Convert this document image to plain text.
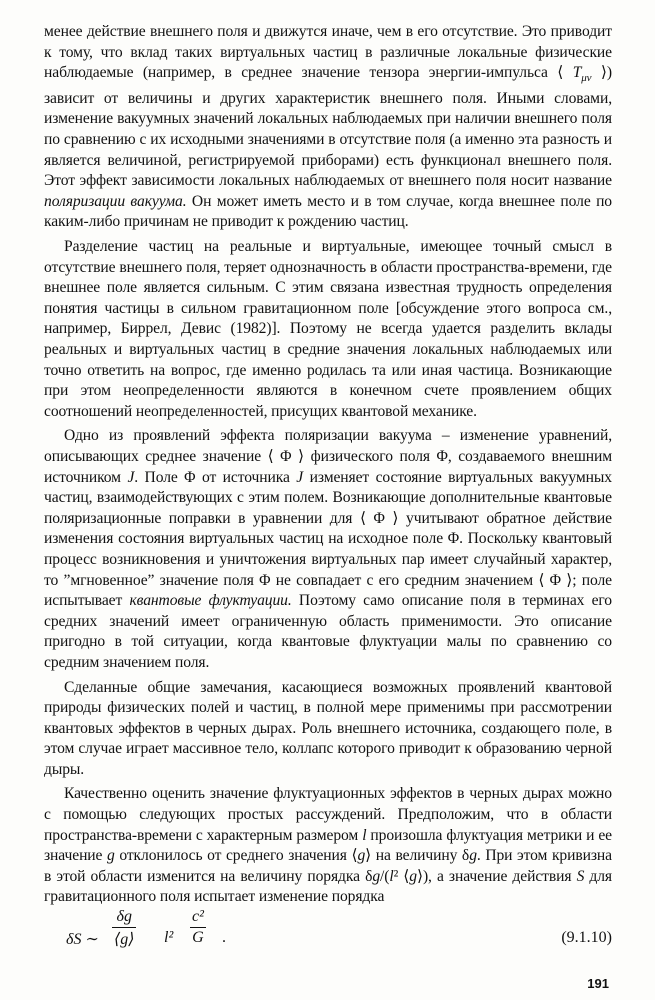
менее действие внешнего поля и движутся иначе, чем в его отсутствие. Это приводит к тому, что вклад таких виртуальных частиц в различные локальные физические наблюдаемые (например, в среднее значение тензора энергии-импульса ⟨ $T_{\mu\nu}$ ⟩) зависит от величины и других характеристик внешнего поля. Иными словами, изменение вакуумных значений локальных наблюдаемых при наличии внешнего поля по сравнению с их исходными значениями в отсутствие поля (а именно эта разность и является величиной, регистрируемой приборами) есть функционал внешнего поля. Этот эффект зависимости локальных наблюдаемых от внешнего поля носит название поляризации вакуума. Он может иметь место и в том случае, когда внешнее поле по каким-либо причинам не приводит к рождению частиц.

Разделение частиц на реальные и виртуальные, имеющее точный смысл в отсутствие внешнего поля, теряет однозначность в области пространства-времени, где внешнее поле является сильным. С этим связана известная трудность определения понятия частицы в сильном гравитационном поле [обсуждение этого вопроса см., например, Биррел, Девис (1982)]. Поэтому не всегда удается разделить вклады реальных и виртуальных частиц в средние значения локальных наблюдаемых или точно ответить на вопрос, где именно родилась та или иная частица. Возникающие при этом неопределенности являются в конечном счете проявлением общих соотношений неопределенностей, присущих квантовой механике.

Одно из проявлений эффекта поляризации вакуума – изменение уравнений, описывающих среднее значение ⟨ Φ ⟩ физического поля Φ, создаваемого внешним источником J. Поле Φ от источника J изменяет состояние виртуальных вакуумных частиц, взаимодействующих с этим полем. Возникающие дополнительные квантовые поляризационные поправки в уравнении для ⟨ Φ ⟩ учитывают обратное действие изменения состояния виртуальных частиц на исходное поле Φ. Поскольку квантовый процесс возникновения и уничтожения виртуальных пар имеет случайный характер, то ”мгновенное” значение поля Φ не совпадает с его средним значением ⟨ Φ ⟩; поле испытывает квантовые флуктуации. Поэтому само описание поля в терминах его средних значений имеет ограниченную область применимости. Это описание пригодно в той ситуации, когда квантовые флуктуации малы по сравнению со средним значением поля.

Сделанные общие замечания, касающиеся возможных проявлений квантовой природы физических полей и частиц, в полной мере применимы при рассмотрении квантовых эффектов в черных дырах. Роль внешнего источника, создающего поле, в этом случае играет массивное тело, коллапс которого приводит к образованию черной дыры.

Качественно оценить значение флуктуационных эффектов в черных дырах можно с помощью следующих простых рассуждений. Предположим, что в области пространства-времени с характерным размером l произошла флуктуация метрики и ее значение g отклонилось от среднего значения ⟨g⟩ на величину δg. При этом кривизна в этой области изменится на величину порядка δg/(l² ⟨g⟩), а значение действия S для гравитационного поля испытает изменение порядка

δS ∼
δg
⟨g⟩ l²
c²
G .	(9.1.10)
191
